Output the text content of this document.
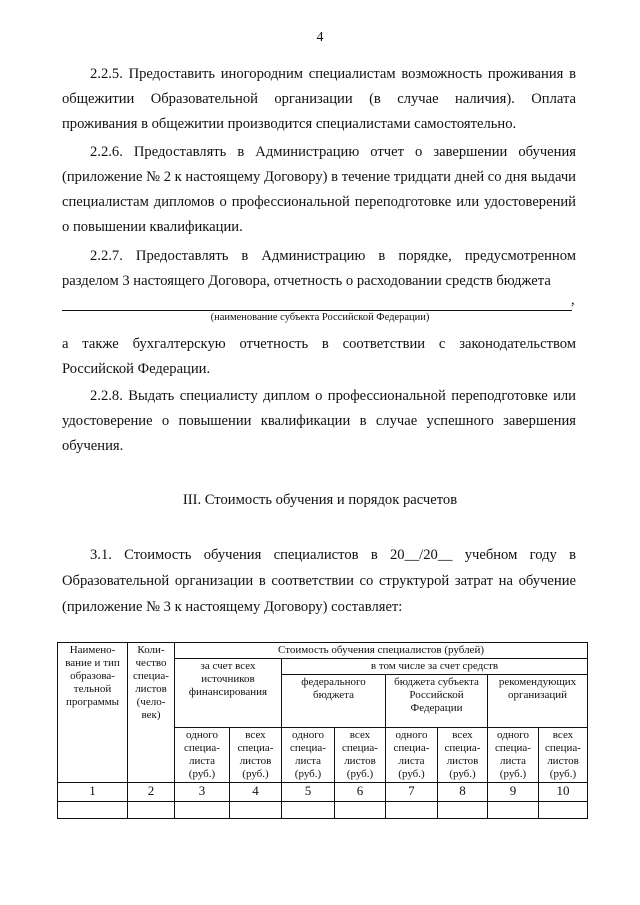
4
2.2.5. Предоставить иногородним специалистам возможность проживания в общежитии Образовательной организации (в случае наличия). Оплата проживания в общежитии производится специалистами самостоятельно.
2.2.6. Предоставлять в Администрацию отчет о завершении обучения (приложение № 2 к настоящему Договору) в течение тридцати дней со дня выдачи специалистам дипломов о профессиональной переподготовке или удостоверений о повышении квалификации.
2.2.7. Предоставлять в Администрацию в порядке, предусмотренном разделом 3 настоящего Договора, отчетность о расходовании средств бюджета
,
(наименование субъекта Российской Федерации)
а также бухгалтерскую отчетность в соответствии с законодательством Российской Федерации.
2.2.8. Выдать специалисту диплом о профессиональной переподготовке или удостоверение о повышении квалификации в случае успешного завершения обучения.
III. Стоимость обучения и порядок расчетов
3.1. Стоимость обучения специалистов в 20__/20__ учебном году в Образовательной организации в соответствии со структурой затрат на обучение (приложение № 3 к настоящему Договору) составляет:
Наимено-вание и тип образова-тельной программы	Коли-чество специа-листов (чело-век)	Стоимость обучения специалистов (рублей)							
		за счет всех источников финансирования		в том числе за счет средств					
				федерального бюджета		бюджета субъекта Российской Федерации		рекомендующих организаций	
		одного специа-листа (руб.)	всех специа-листов (руб.)	одного специа-листа (руб.)	всех специа-листов (руб.)	одного специа-листа (руб.)	всех специа-листов (руб.)	одного специа-листа (руб.)	всех специа-листов (руб.)
1	2	3	4	5	6	7	8	9	10
